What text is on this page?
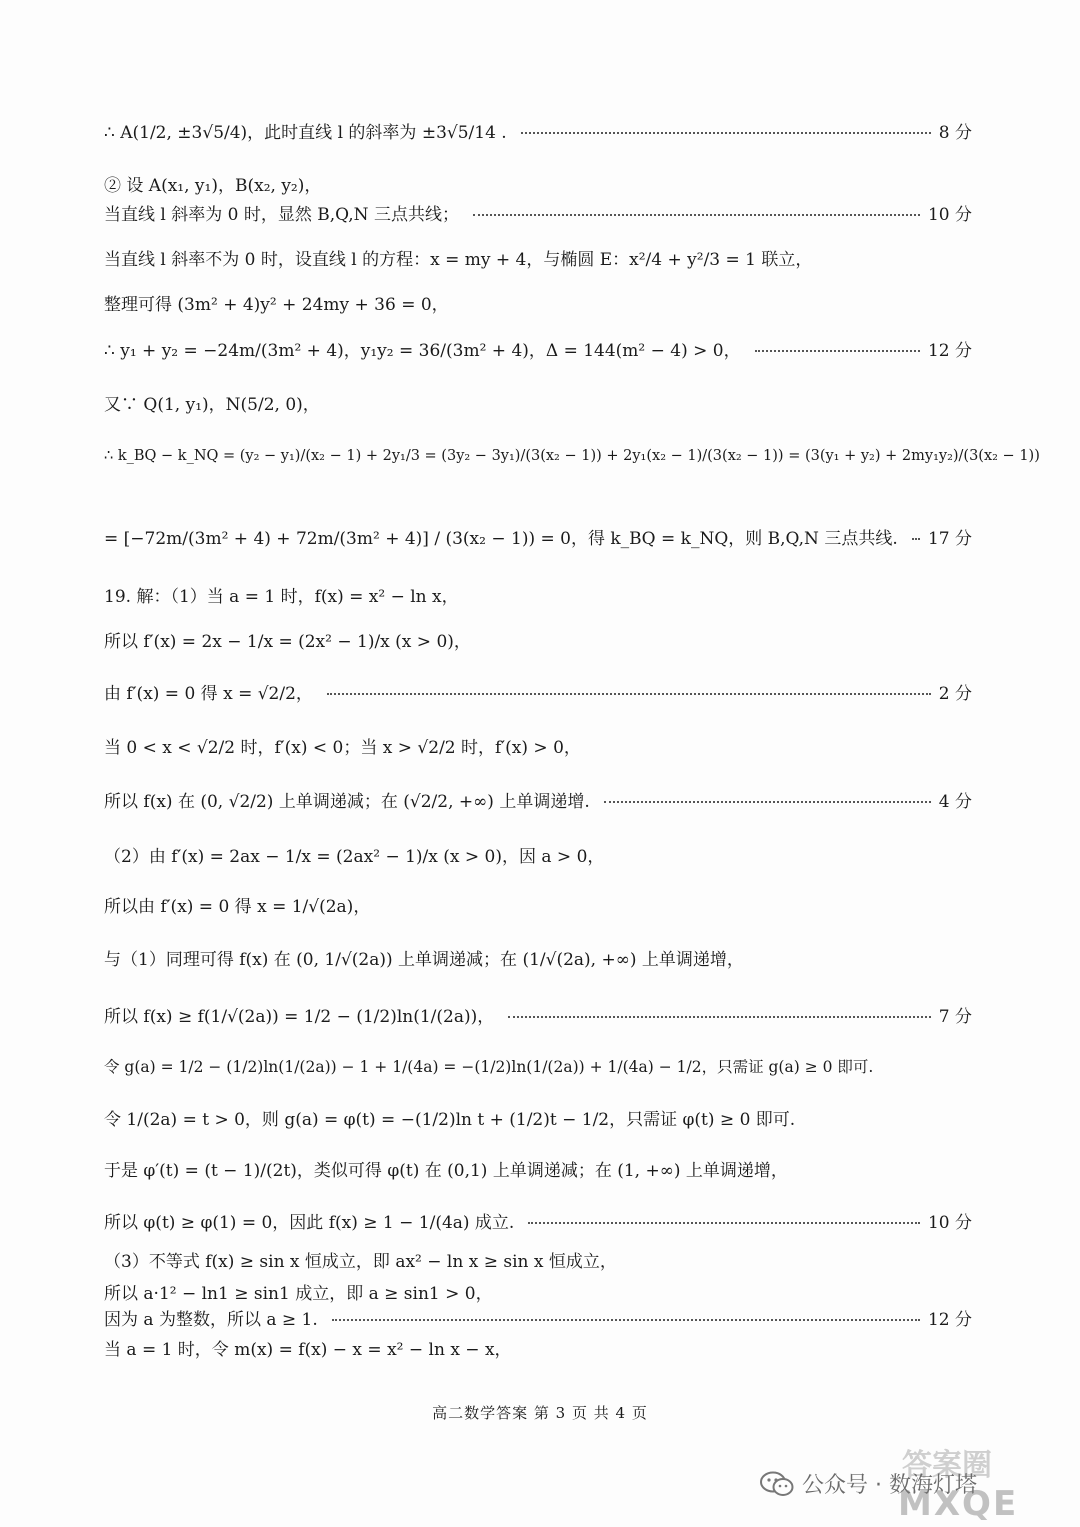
∴ A(1/2, ±3√5/4)，此时直线 l 的斜率为 ±3√5/14 .	8 分
② 设 A(x₁, y₁)，B(x₂, y₂)，
当直线 l 斜率为 0 时，显然 B,Q,N 三点共线；	10 分
当直线 l 斜率不为 0 时，设直线 l 的方程：x = my + 4，与椭圆 E：x²/4 + y²/3 = 1 联立，
整理可得 (3m² + 4)y² + 24my + 36 = 0，
∴ y₁ + y₂ = −24m/(3m² + 4)，y₁y₂ = 36/(3m² + 4)，Δ = 144(m² − 4) > 0，	12 分
又∵ Q(1, y₁)，N(5/2, 0)，
∴ k_BQ − k_NQ = (y₂ − y₁)/(x₂ − 1) + 2y₁/3 = (3y₂ − 3y₁)/(3(x₂ − 1)) + 2y₁(x₂ − 1)/(3(x₂ − 1)) = (3(y₁ + y₂) + 2my₁y₂)/(3(x₂ − 1))
= [−72m/(3m² + 4) + 72m/(3m² + 4)] / (3(x₂ − 1)) = 0，得 k_BQ = k_NQ，则 B,Q,N 三点共线. 17 分
19. 解：（1）当 a = 1 时，f(x) = x² − ln x，
所以 f′(x) = 2x − 1/x = (2x² − 1)/x (x > 0)，
由 f′(x) = 0 得 x = √2/2，	2 分
当 0 < x < √2/2 时，f′(x) < 0；当 x > √2/2 时，f′(x) > 0，
所以 f(x) 在 (0, √2/2) 上单调递减；在 (√2/2, +∞) 上单调递增.	4 分
（2）由 f′(x) = 2ax − 1/x = (2ax² − 1)/x (x > 0)，因 a > 0，
所以由 f′(x) = 0 得 x = 1/√(2a)，
与（1）同理可得 f(x) 在 (0, 1/√(2a)) 上单调递减；在 (1/√(2a), +∞) 上单调递增，
所以 f(x) ≥ f(1/√(2a)) = 1/2 − (1/2)ln(1/(2a))，	7 分
令 g(a) = 1/2 − (1/2)ln(1/(2a)) − 1 + 1/(4a) = −(1/2)ln(1/(2a)) + 1/(4a) − 1/2，只需证 g(a) ≥ 0 即可.
令 1/(2a) = t > 0，则 g(a) = φ(t) = −(1/2)ln t + (1/2)t − 1/2，只需证 φ(t) ≥ 0 即可.
于是 φ′(t) = (t − 1)/(2t)，类似可得 φ(t) 在 (0,1) 上单调递减；在 (1, +∞) 上单调递增，
所以 φ(t) ≥ φ(1) = 0，因此 f(x) ≥ 1 − 1/(4a) 成立.	10 分
（3）不等式 f(x) ≥ sin x 恒成立，即 ax² − ln x ≥ sin x 恒成立，
所以 a·1² − ln1 ≥ sin1 成立，即 a ≥ sin1 > 0，
因为 a 为整数，所以 a ≥ 1.	12 分
当 a = 1 时，令 m(x) = f(x) − x = x² − ln x − x，
高二数学答案 第 3 页 共 4 页
答案圈
公众号 · 数海灯塔
MXQE
